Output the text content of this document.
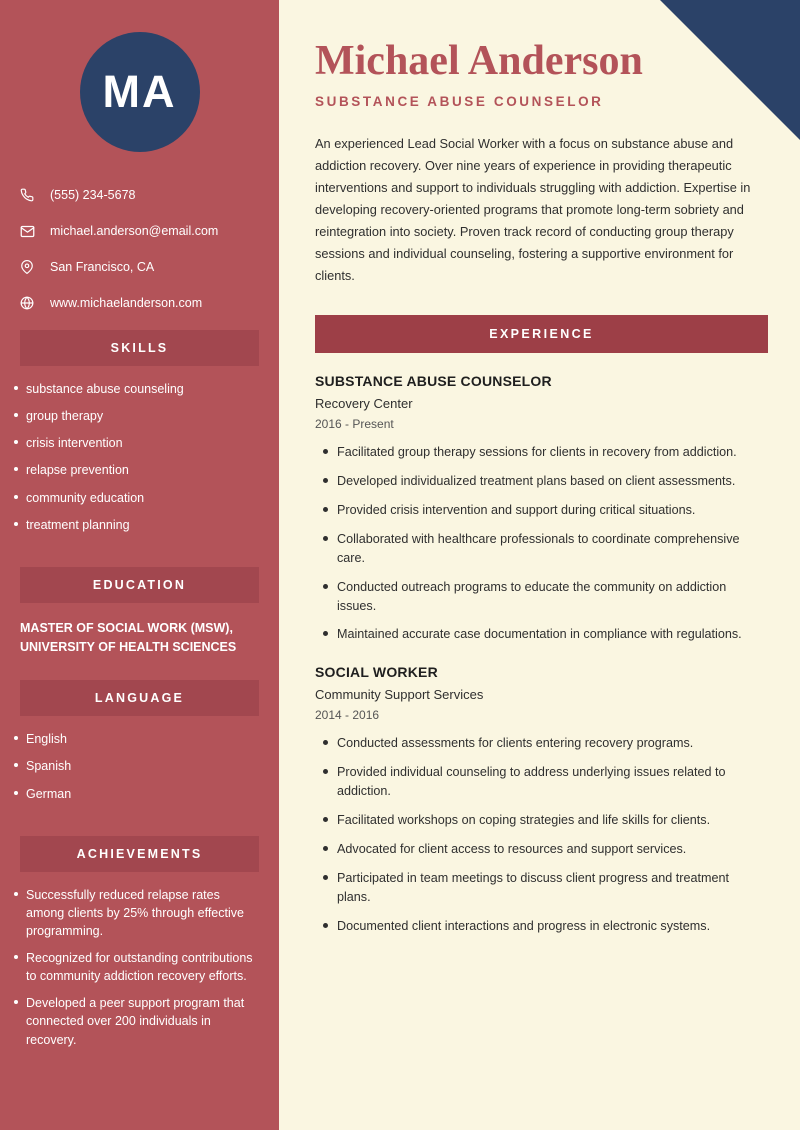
MA
(555) 234-5678
michael.anderson@email.com
San Francisco, CA
www.michaelanderson.com
SKILLS
substance abuse counseling
group therapy
crisis intervention
relapse prevention
community education
treatment planning
EDUCATION
MASTER OF SOCIAL WORK (MSW), UNIVERSITY OF HEALTH SCIENCES
LANGUAGE
English
Spanish
German
ACHIEVEMENTS
Successfully reduced relapse rates among clients by 25% through effective programming.
Recognized for outstanding contributions to community addiction recovery efforts.
Developed a peer support program that connected over 200 individuals in recovery.
Michael Anderson
SUBSTANCE ABUSE COUNSELOR

An experienced Lead Social Worker with a focus on substance abuse and addiction recovery. Over nine years of experience in providing therapeutic interventions and support to individuals struggling with addiction. Expertise in developing recovery-oriented programs that promote long-term sobriety and reintegration into society. Proven track record of conducting group therapy sessions and individual counseling, fostering a supportive environment for clients.

EXPERIENCE
SUBSTANCE ABUSE COUNSELOR
Recovery Center
2016 - Present
Facilitated group therapy sessions for clients in recovery from addiction.
Developed individualized treatment plans based on client assessments.
Provided crisis intervention and support during critical situations.
Collaborated with healthcare professionals to coordinate comprehensive care.
Conducted outreach programs to educate the community on addiction issues.
Maintained accurate case documentation in compliance with regulations.
SOCIAL WORKER
Community Support Services
2014 - 2016
Conducted assessments for clients entering recovery programs.
Provided individual counseling to address underlying issues related to addiction.
Facilitated workshops on coping strategies and life skills for clients.
Advocated for client access to resources and support services.
Participated in team meetings to discuss client progress and treatment plans.
Documented client interactions and progress in electronic systems.
